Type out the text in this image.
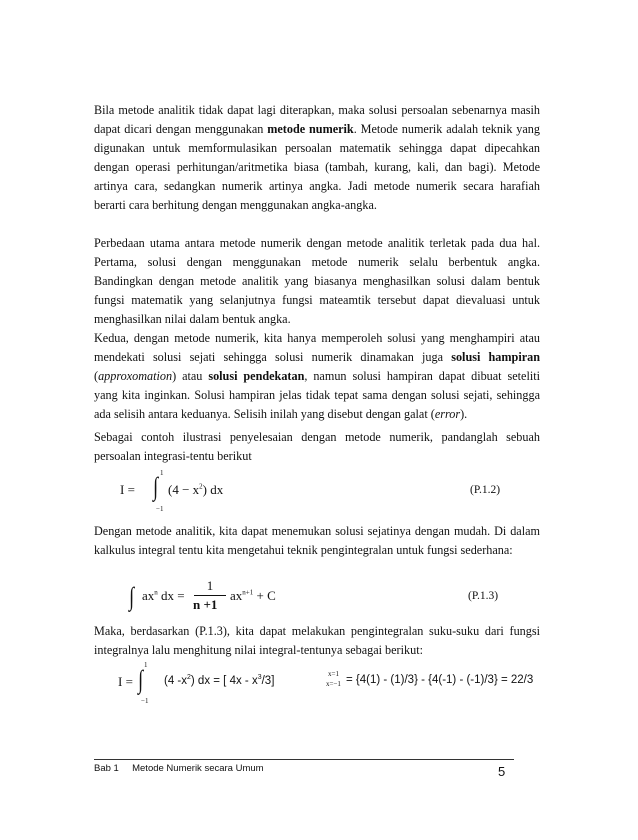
Bila metode analitik tidak dapat lagi diterapkan, maka solusi persoalan sebenarnya masih dapat dicari dengan menggunakan metode numerik. Metode numerik adalah teknik yang digunakan untuk memformulasikan persoalan matematik sehingga dapat dipecahkan dengan operasi perhitungan/aritmetika biasa (tambah, kurang, kali, dan bagi). Metode artinya cara, sedangkan numerik artinya angka. Jadi metode numerik secara harafiah berarti cara berhitung dengan menggunakan angka-angka.

Perbedaan utama antara metode numerik dengan metode analitik terletak pada dua hal. Pertama, solusi dengan menggunakan metode numerik selalu berbentuk angka. Bandingkan dengan metode analitik yang biasanya menghasilkan solusi dalam bentuk fungsi matematik yang selanjutnya fungsi mateamtik tersebut dapat dievaluasi untuk menghasilkan nilai dalam bentuk angka.

Kedua, dengan metode numerik, kita hanya memperoleh solusi yang menghampiri atau mendekati solusi sejati sehingga solusi numerik dinamakan juga solusi hampiran (approxomation) atau solusi pendekatan, namun solusi hampiran dapat dibuat seteliti yang kita inginkan. Solusi hampiran jelas tidak tepat sama dengan solusi sejati, sehingga ada selisih antara keduanya. Selisih inilah yang disebut dengan galat (error).

Sebagai contoh ilustrasi penyelesaian dengan metode numerik, pandanglah sebuah persoalan integrasi-tentu berikut

I =
1
∫
−1
$(4 - x^2)$ dx	(P.1.2)

Dengan metode analitik, kita dapat menemukan solusi sejatinya dengan mudah. Di dalam kalkulus integral tentu kita mengetahui teknik pengintegralan untuk fungsi sederhana:

∫ $ax^n$ dx =
1
n +1
$ax^{n+1} + C$	(P.1.3)

Maka, berdasarkan (P.1.3), kita dapat melakukan pengintegralan suku-suku dari fungsi integralnya lalu menghitung nilai integral-tentunya sebagai berikut:

I =
1
∫
−1
(4 $-x^2$) dx = [ $4x - x^3/3$]
x=1
x=−1 = {4(1) - (1)/3} - {4(-1) - (-1)/3} = 22/3
Bab 1 Metode Numerik secara Umum	5
